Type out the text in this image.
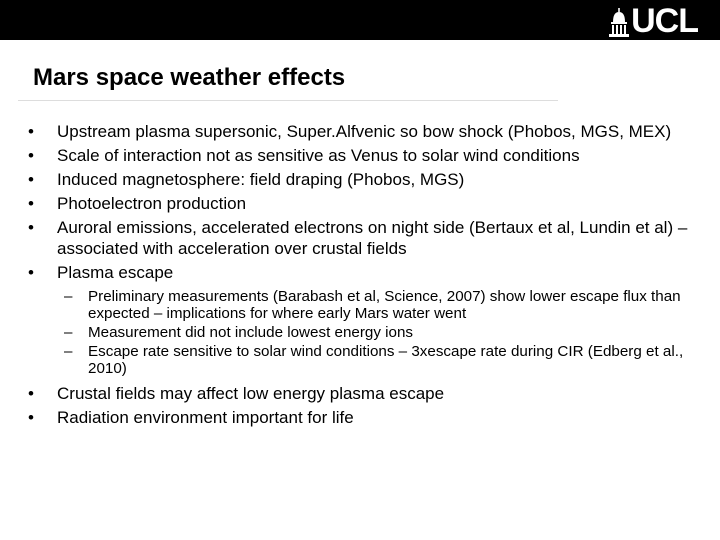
UCL
Mars space weather effects
• Upstream plasma supersonic, Super.Alfvenic so bow shock (Phobos, MGS, MEX)
• Scale of interaction not as sensitive as Venus to solar wind conditions
• Induced magnetosphere: field draping (Phobos, MGS)
• Photoelectron production
• Auroral emissions, accelerated electrons on night side (Bertaux et al, Lundin et al) – associated with acceleration over crustal fields
• Plasma escape
– Preliminary measurements (Barabash et al, Science, 2007) show lower escape flux than expected – implications for where early Mars water went
– Measurement did not include lowest energy ions
– Escape rate sensitive to solar wind conditions – 3xescape rate during CIR (Edberg et al., 2010)
• Crustal fields may affect low energy plasma escape
• Radiation environment important for life
